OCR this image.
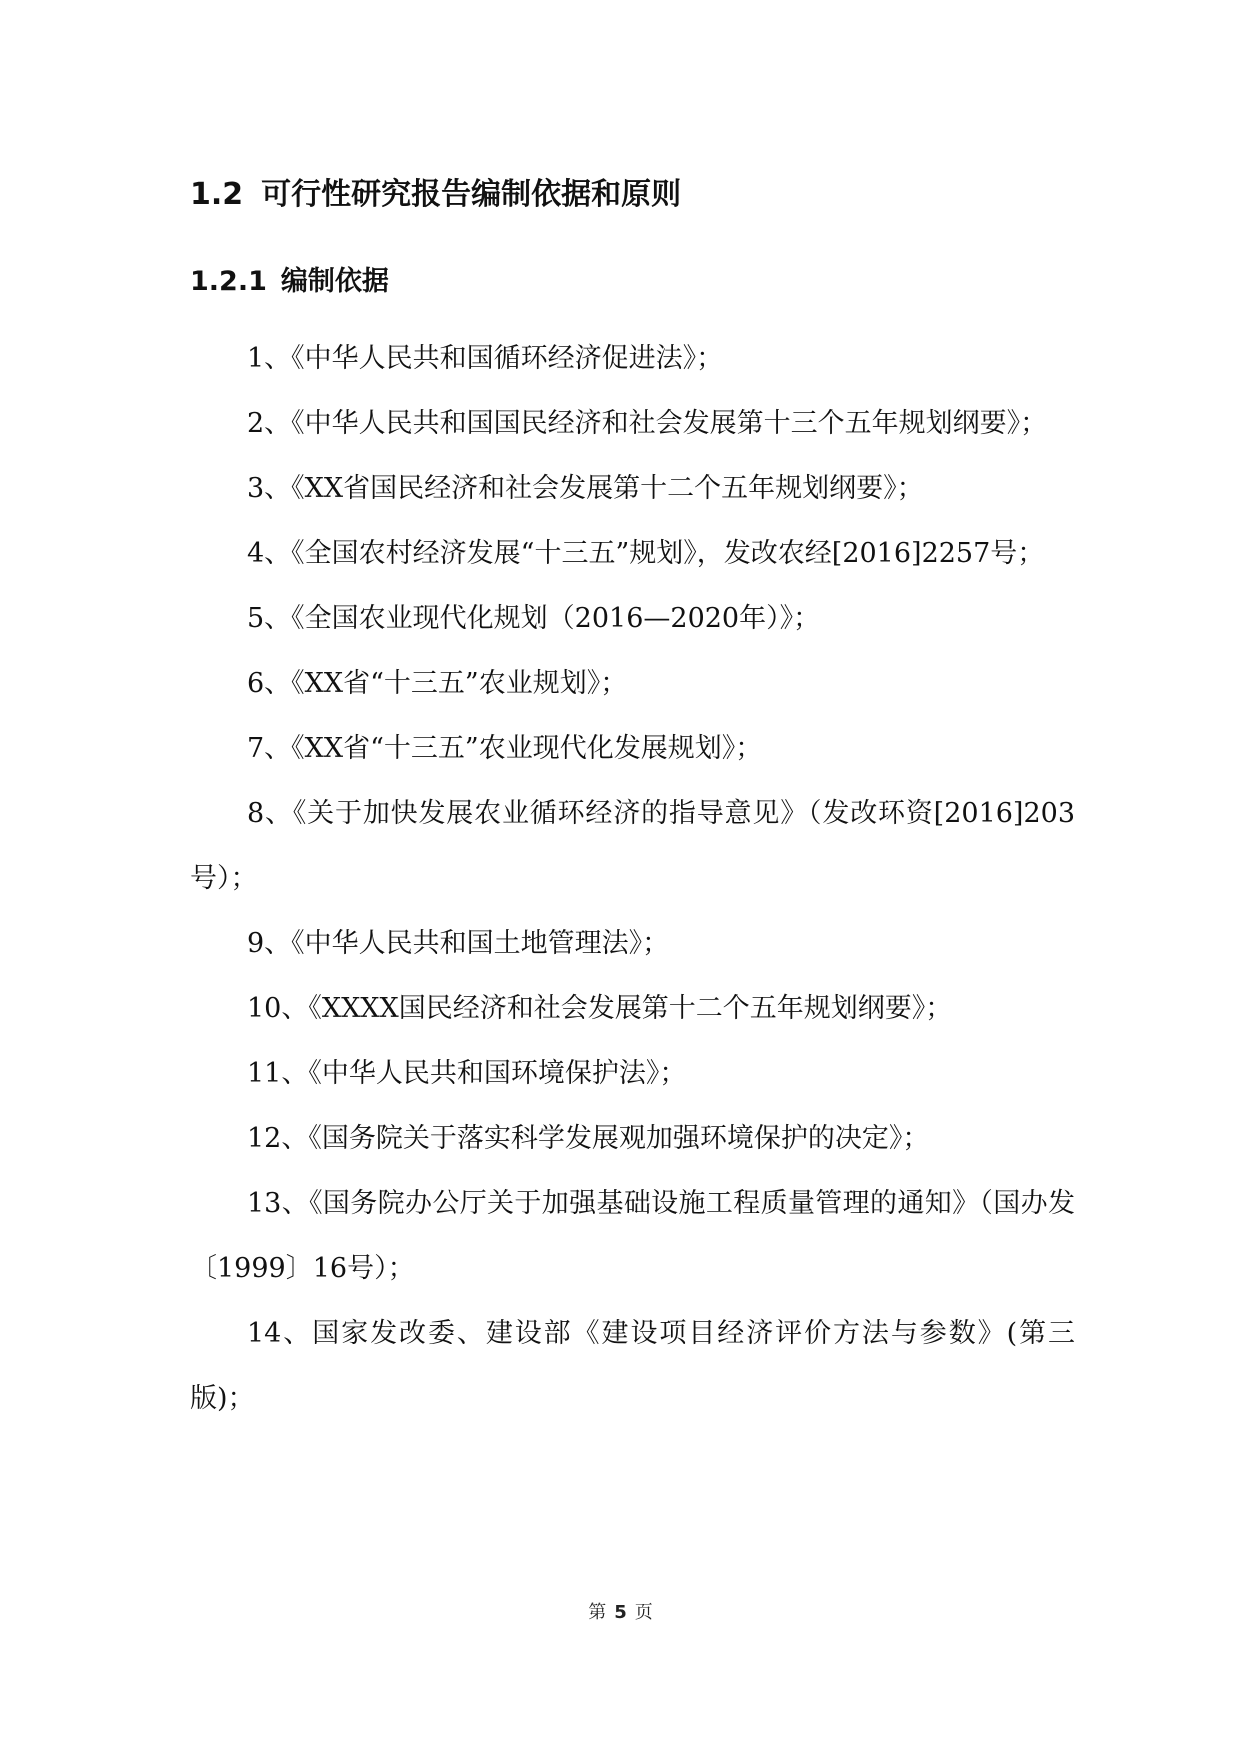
1.2 可行性研究报告编制依据和原则
1.2.1 编制依据
1、《中华人民共和国循环经济促进法》；
2、《中华人民共和国国民经济和社会发展第十三个五年规划纲要》；
3、《XX省国民经济和社会发展第十二个五年规划纲要》；
4、《全国农村经济发展“十三五”规划》，发改农经[2016]2257号；
5、《全国农业现代化规划（2016—2020年）》；
6、《XX省“十三五”农业规划》；
7、《XX省“十三五”农业现代化发展规划》；
8、《关于加快发展农业循环经济的指导意见》（发改环资[2016]203号）；
9、《中华人民共和国土地管理法》；
10、《XXXX国民经济和社会发展第十二个五年规划纲要》；
11、《中华人民共和国环境保护法》；
12、《国务院关于落实科学发展观加强环境保护的决定》；
13、《国务院办公厅关于加强基础设施工程质量管理的通知》（国办发〔1999〕16号）；
14、国家发改委、建设部《建设项目经济评价方法与参数》(第三版)；
第 5 页
